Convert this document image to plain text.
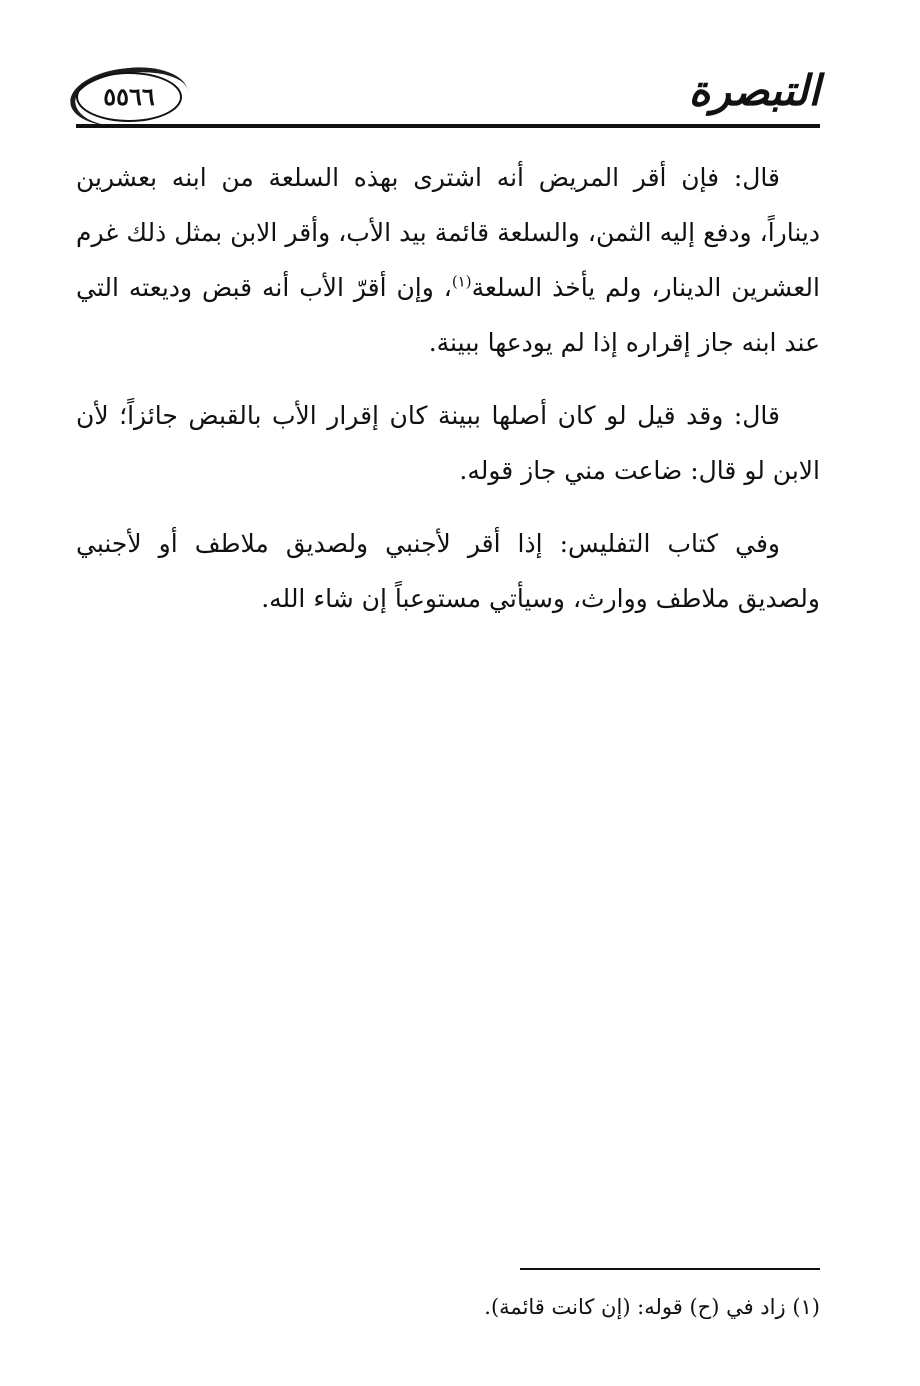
التبصرة
٥٥٦٦

قال: فإن أقر المريض أنه اشترى بهذه السلعة من ابنه بعشرين ديناراً، ودفع إليه الثمن، والسلعة قائمة بيد الأب، وأقر الابن بمثل ذلك غرم العشرين الدينار، ولم يأخذ السلعة$^{(١)}$، وإن أقرّ الأب أنه قبض وديعته التي عند ابنه جاز إقراره إذا لم يودعها ببينة.

قال: وقد قيل لو كان أصلها ببينة كان إقرار الأب بالقبض جائزاً؛ لأن الابن لو قال: ضاعت مني جاز قوله.

وفي كتاب التفليس: إذا أقر لأجنبي ولصديق ملاطف أو لأجنبي ولصديق ملاطف ووارث، وسيأتي مستوعباً إن شاء الله.

(١) زاد في (ح) قوله: (إن كانت قائمة).
